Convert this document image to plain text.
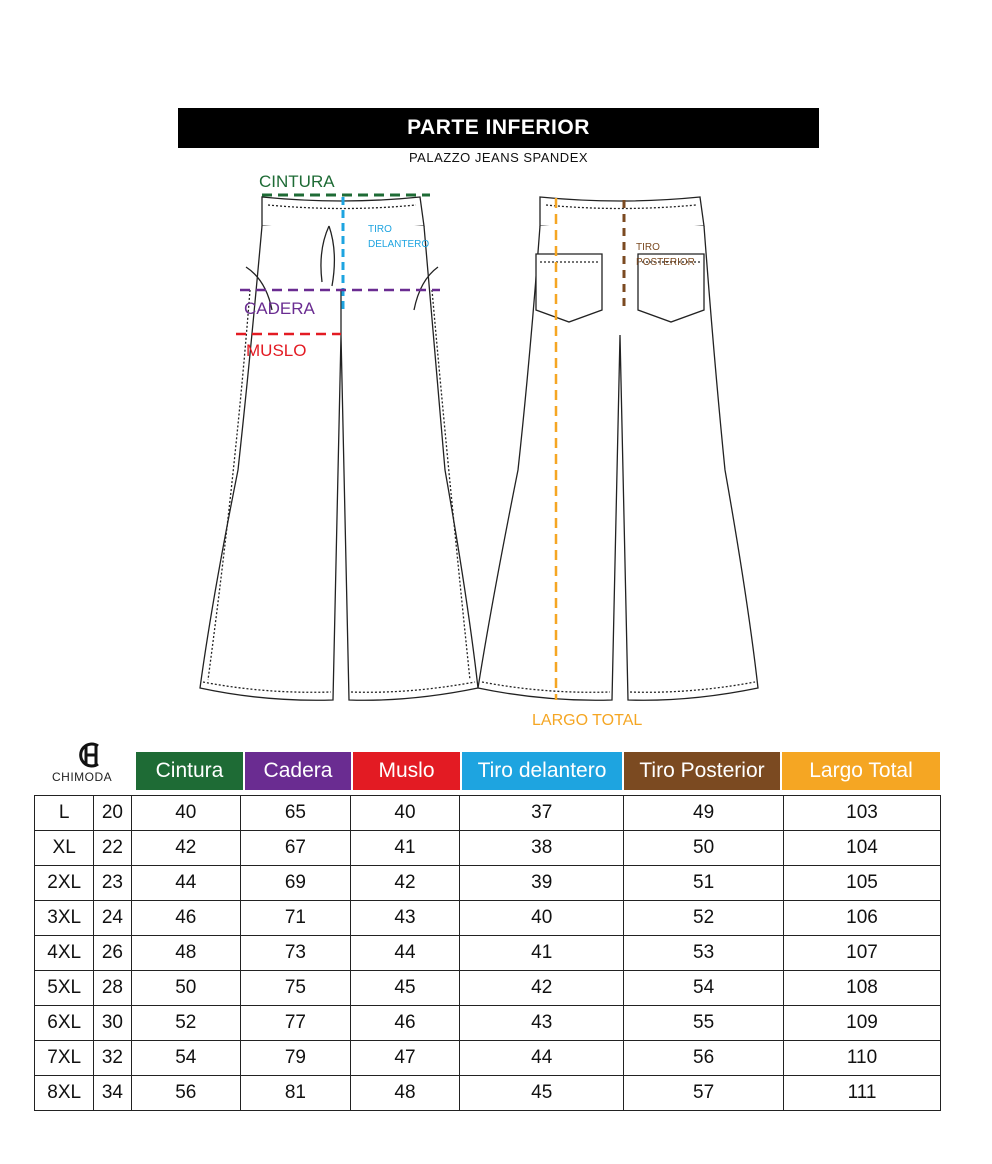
PARTE INFERIOR
PALAZZO JEANS SPANDEX
CINTURA
TIRO
DELANTERO
CADERA
MUSLO
TIRO
POSTERIOR
LARGO TOTAL
CHIMODA	Cintura	Cadera	Muslo	Tiro delantero	Tiro Posterior	Largo Total
L	20	40	65	40	37	49	103
XL	22	42	67	41	38	50	104
2XL	23	44	69	42	39	51	105
3XL	24	46	71	43	40	52	106
4XL	26	48	73	44	41	53	107
5XL	28	50	75	45	42	54	108
6XL	30	52	77	46	43	55	109
7XL	32	54	79	47	44	56	110
8XL	34	56	81	48	45	57	111
